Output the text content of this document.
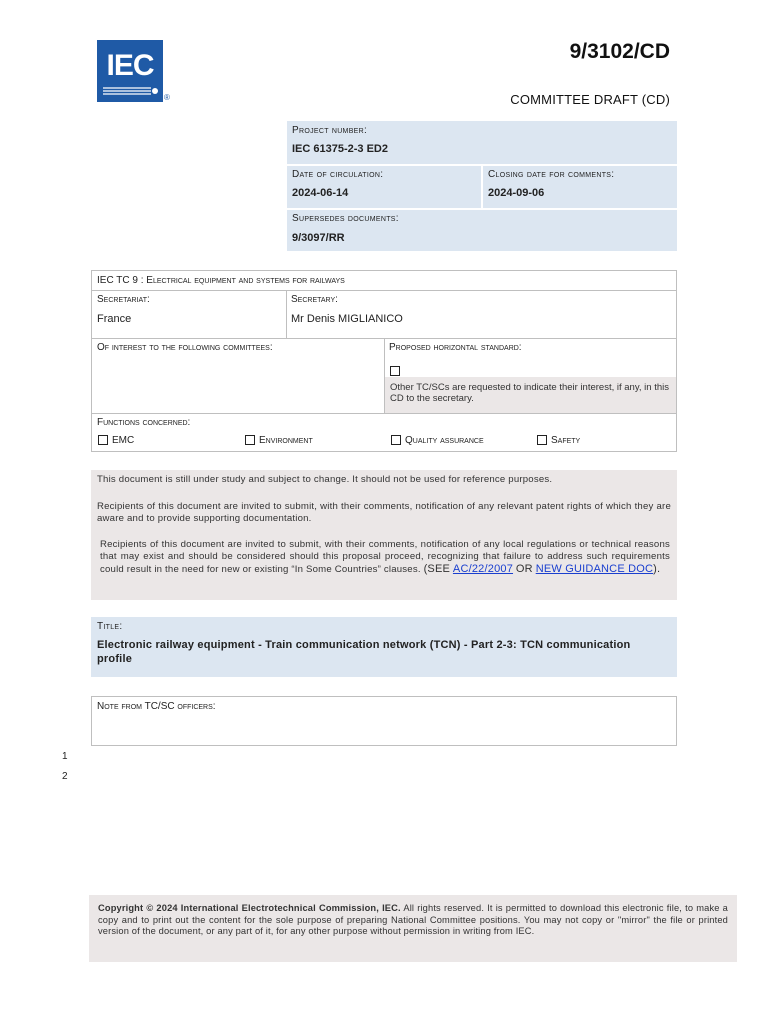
IEC
®
9/3102/CD
COMMITTEE DRAFT (CD)
Project number:
IEC 61375-2-3 ED2
Date of circulation:
2024-06-14
Closing date for comments:
2024-09-06
Supersedes documents:
9/3097/RR
IEC TC 9 : Electrical equipment and systems for railways
Secretariat:
France
Secretary:
Mr Denis MIGLIANICO
Of interest to the following committees:	Proposed horizontal standard:
Other TC/SCs are requested to indicate their interest, if any, in this CD to the secretary.
Functions concerned:
EMC	Environment	Quality assurance	Safety

This document is still under study and subject to change. It should not be used for reference purposes.

Recipients of this document are invited to submit, with their comments, notification of any relevant patent rights of which they are aware and to provide supporting documentation.

Recipients of this document are invited to submit, with their comments, notification of any local regulations or technical reasons that may exist and should be considered should this proposal proceed, recognizing that failure to address such requirements could result in the need for new or existing “In Some Countries” clauses. (SEE AC/22/2007 OR NEW GUIDANCE DOC).

Title:
Electronic railway equipment - Train communication network (TCN) - Part 2-3: TCN communication profile
Note from TC/SC officers:
1
2

Copyright © 2024 International Electrotechnical Commission, IEC. All rights reserved. It is permitted to download this electronic file, to make a copy and to print out the content for the sole purpose of preparing National Committee positions. You may not copy or "mirror" the file or printed version of the document, or any part of it, for any other purpose without permission in writing from IEC.
